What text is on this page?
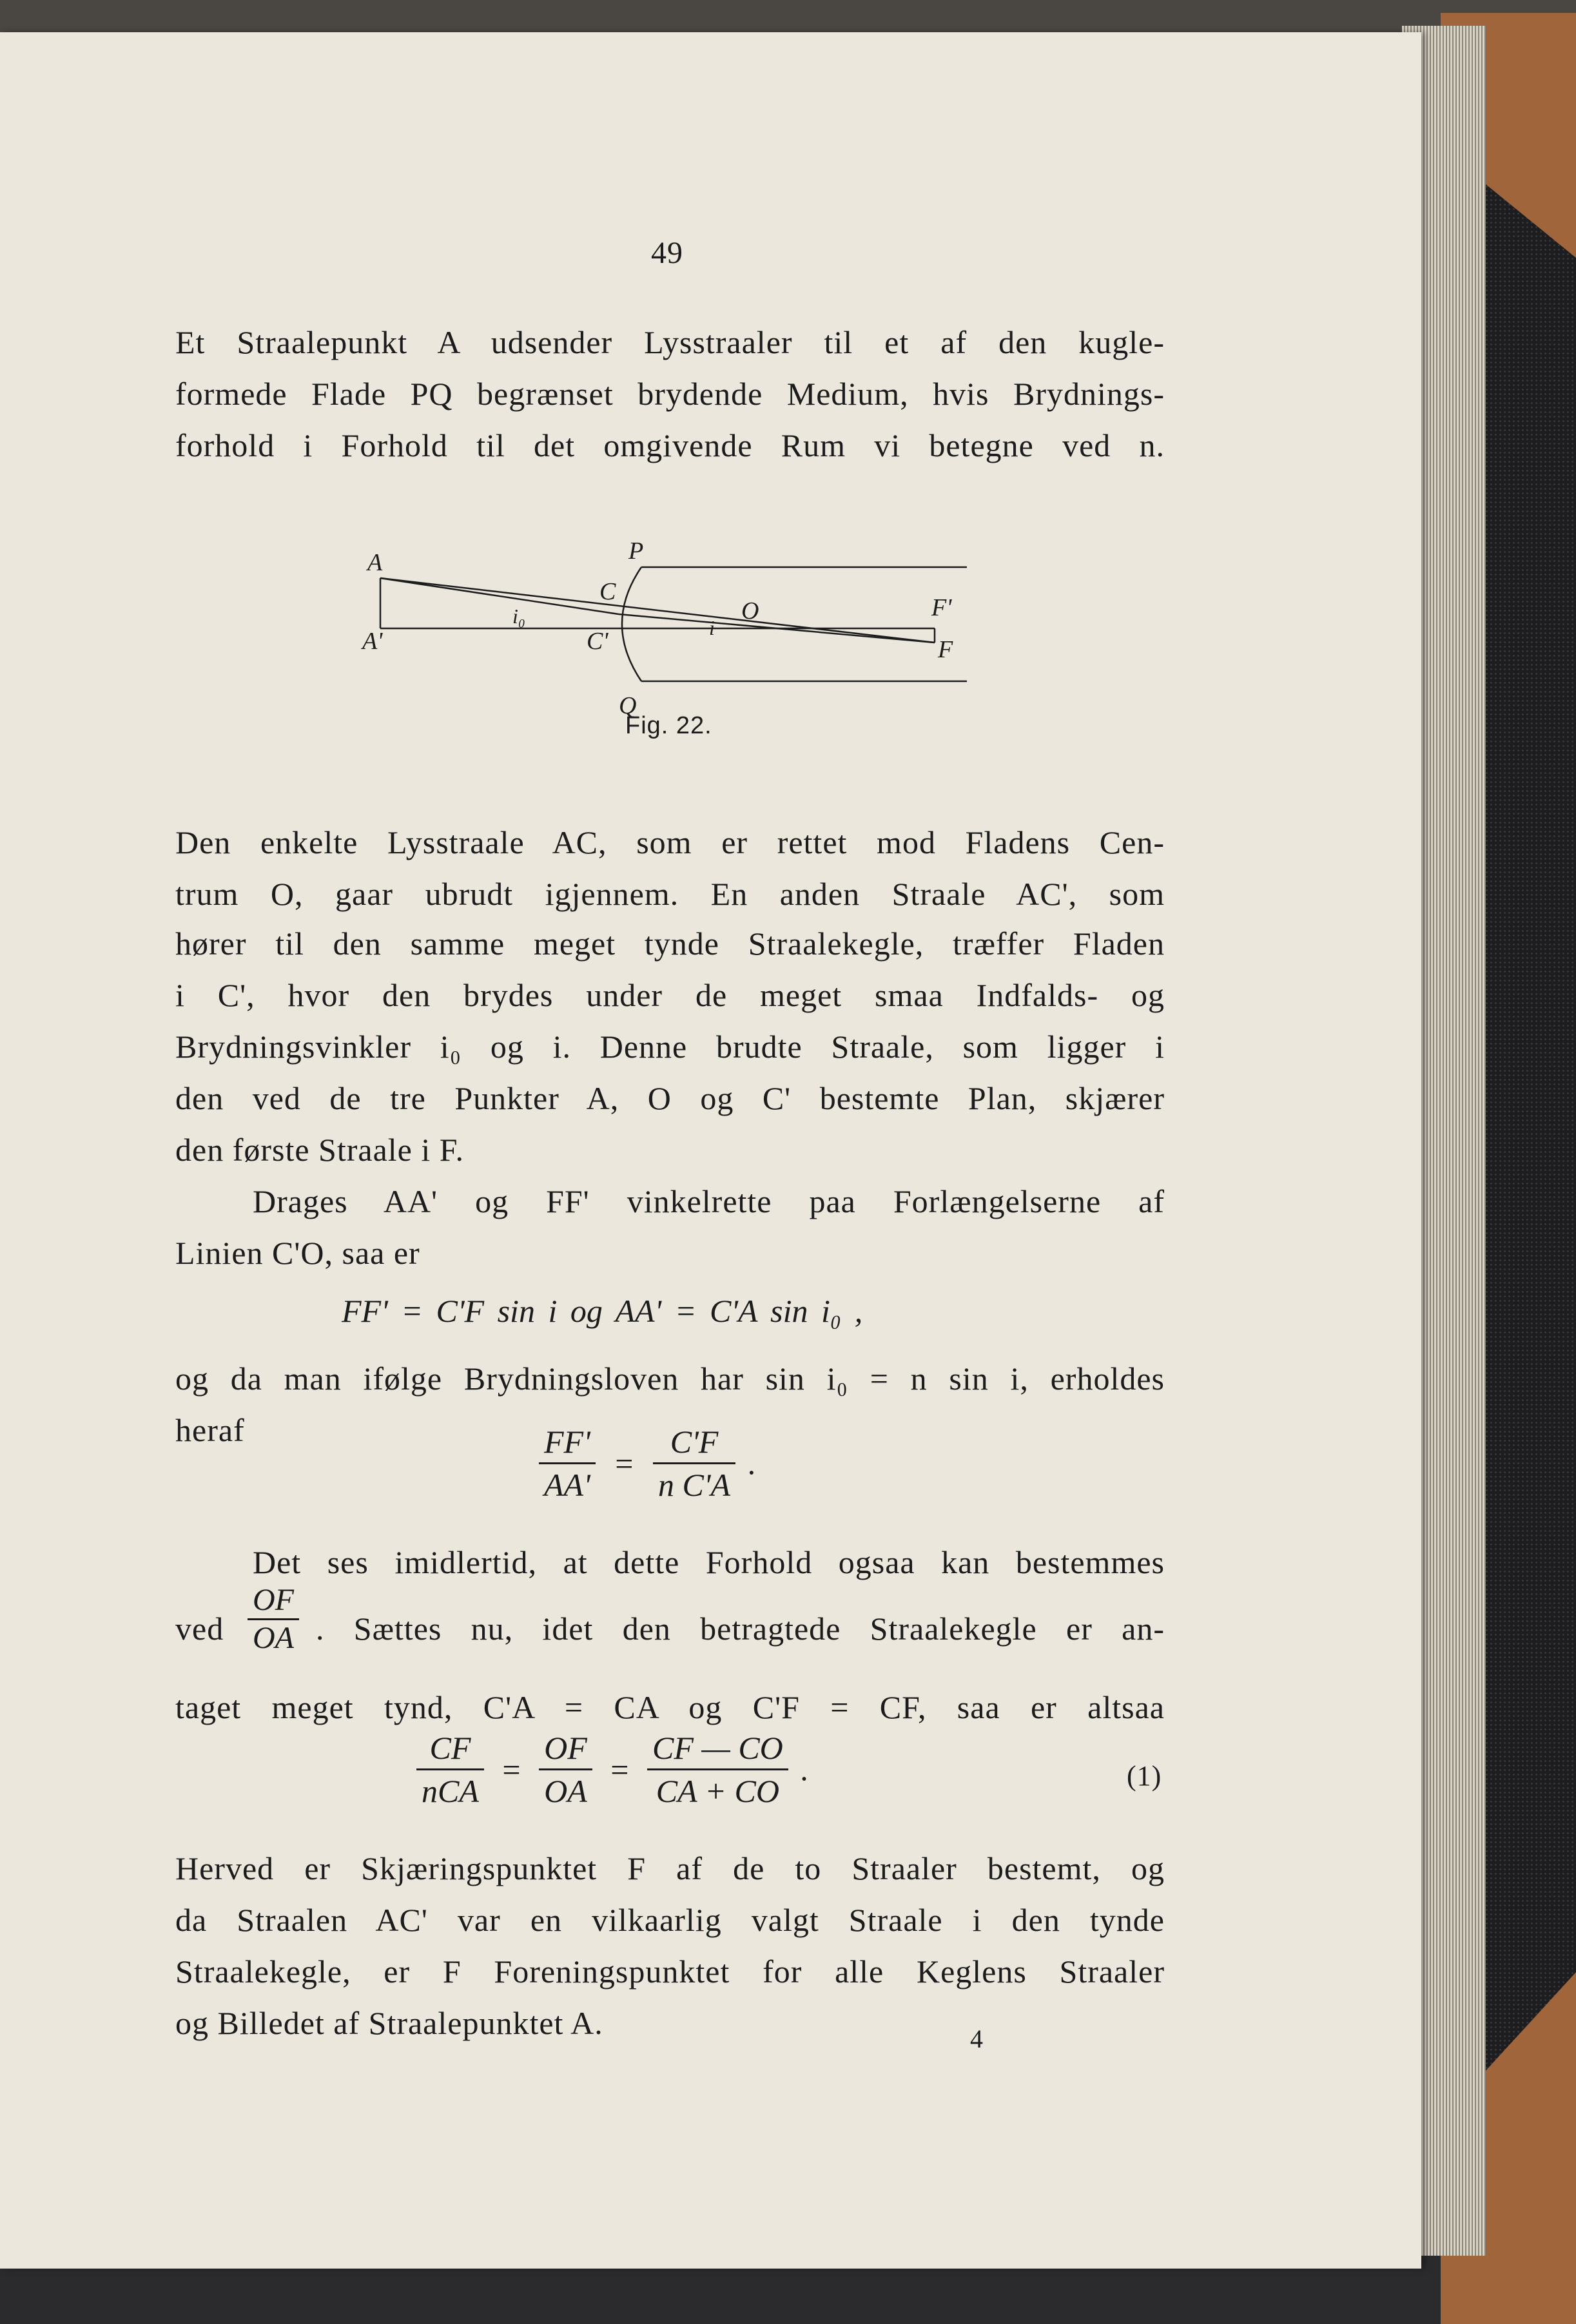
49
Et Straalepunkt A udsender Lysstraaler til et af den kugle-
formede Flade PQ begrænset brydende Medium, hvis Brydnings-
forhold i Forhold til det omgivende Rum vi betegne ved n.
A
A'
P
C
C'
i₀	i
O	F'
F
Q
Fig. 22.
Den enkelte Lysstraale AC, som er rettet mod Fladens Cen-
trum O, gaar ubrudt igjennem. En anden Straale AC', som
hører til den samme meget tynde Straalekegle, træffer Fladen
i C', hvor den brydes under de meget smaa Indfalds- og
Brydningsvinkler i₀ og i. Denne brudte Straale, som ligger i
den ved de tre Punkter A, O og C' bestemte Plan, skjærer
den første Straale i F.
Drages AA' og FF' vinkelrette paa Forlængelserne af
Linien C'O, saa er
FF' = C'F sin i og AA' = C'A sin i₀ ,
og da man ifølge Brydningsloven har sin i₀ = n sin i, erholdes
heraf	$\frac{FF'}{AA'} = \frac{C'F}{\text{n C'A}}$ .
Det ses imidlertid, at dette Forhold ogsaa kan bestemmes
ved $\frac{OF}{OA}$ . Sættes nu, idet den betragtede Straalekegle er an-
taget meget tynd, C'A = CA og C'F = CF, saa er altsaa
$\frac{CF}{\text{nCA}} = \frac{OF}{OA} = \frac{CF — CO}{CA + CO}$ .	(1)
Herved er Skjæringspunktet F af de to Straaler bestemt, og
da Straalen AC' var en vilkaarlig valgt Straale i den tynde
Straalekegle, er F Foreningspunktet for alle Keglens Straaler
og Billedet af Straalepunktet A.	4
